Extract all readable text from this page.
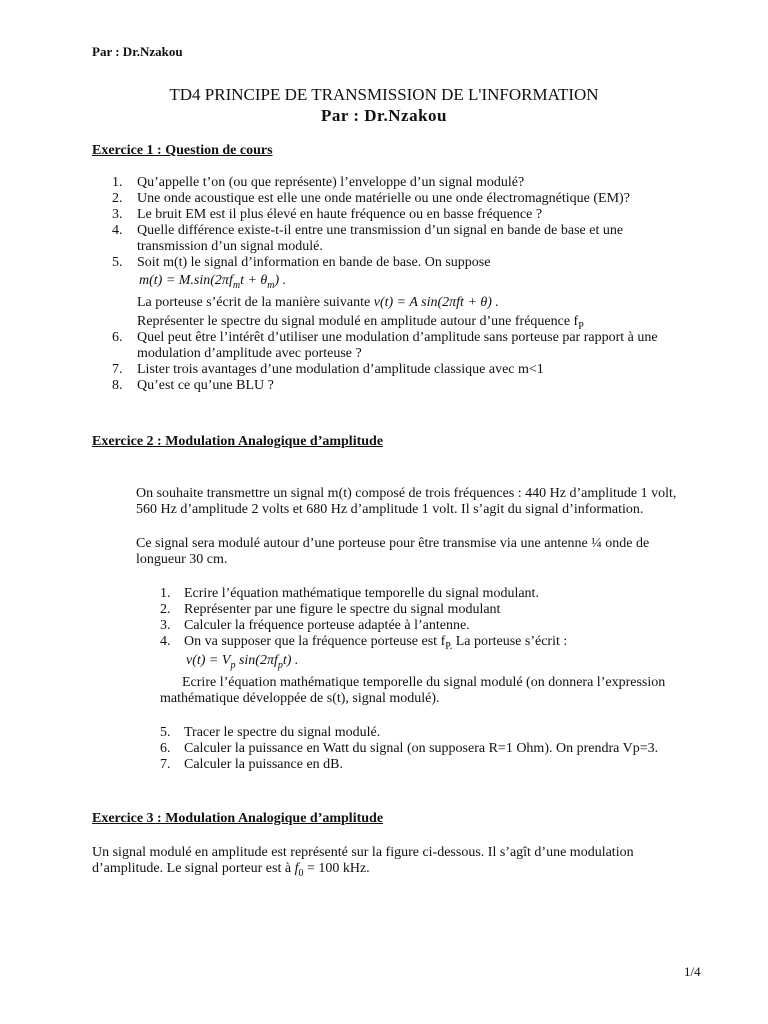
Par : Dr.Nzakou
TD4 PRINCIPE DE TRANSMISSION DE L'INFORMATION
Par : Dr.Nzakou
Exercice 1 : Question de cours
1. Qu’appelle t’on (ou que représente) l’enveloppe d’un signal modulé?
2. Une onde acoustique est elle une onde matérielle ou une onde électromagnétique (EM)?
3. Le bruit EM est il plus élevé en haute fréquence ou en basse fréquence ?
4. Quelle différence existe-t-il entre une transmission d’un signal en bande de base et une transmission d’un signal modulé.
5. Soit m(t) le signal d’information en bande de base. On suppose
$m(t) = M.\sin(2\pi f_mt + \theta_m)$ .
La porteuse s’écrit de la manière suivante v(t) = A sin(2πft + θ) .
Représenter le spectre du signal modulé en amplitude autour d’une fréquence $f_P$
6. Quel peut être l’intérêt d’utiliser une modulation d’amplitude sans porteuse par rapport à une modulation d’amplitude avec porteuse ?
7. Lister trois avantages d’une modulation d’amplitude classique avec m<1
8. Qu’est ce qu’une BLU ?
Exercice 2 : Modulation Analogique d’amplitude
On souhaite transmettre un signal m(t) composé de trois fréquences : 440 Hz d’amplitude 1 volt, 560 Hz d’amplitude 2 volts et 680 Hz d’amplitude 1 volt. Il s’agit du signal d’information.
Ce signal sera modulé autour d’une porteuse pour être transmise via une antenne ¼ onde de longueur 30 cm.
1. Ecrire l’équation mathématique temporelle du signal modulant.
2. Représenter par une figure le spectre du signal modulant
3. Calculer la fréquence porteuse adaptée à l’antenne.
4. On va supposer que la fréquence porteuse est $f_{P.}$ La porteuse s’écrit :
$v(t) = V_p$ $\sin(2\pi f_pt)$ .
Ecrire l’équation mathématique temporelle du signal modulé (on donnera l’expression mathématique développée de s(t), signal modulé).
5. Tracer le spectre du signal modulé.
6. Calculer la puissance en Watt du signal (on supposera R=1 Ohm). On prendra Vp=3.
7. Calculer la puissance en dB.
Exercice 3 : Modulation Analogique d’amplitude
Un signal modulé en amplitude est représenté sur la figure ci-dessous. Il s’agît d’une modulation d’amplitude. Le signal porteur est à $f_0 = 100$ kHz.
1/4
